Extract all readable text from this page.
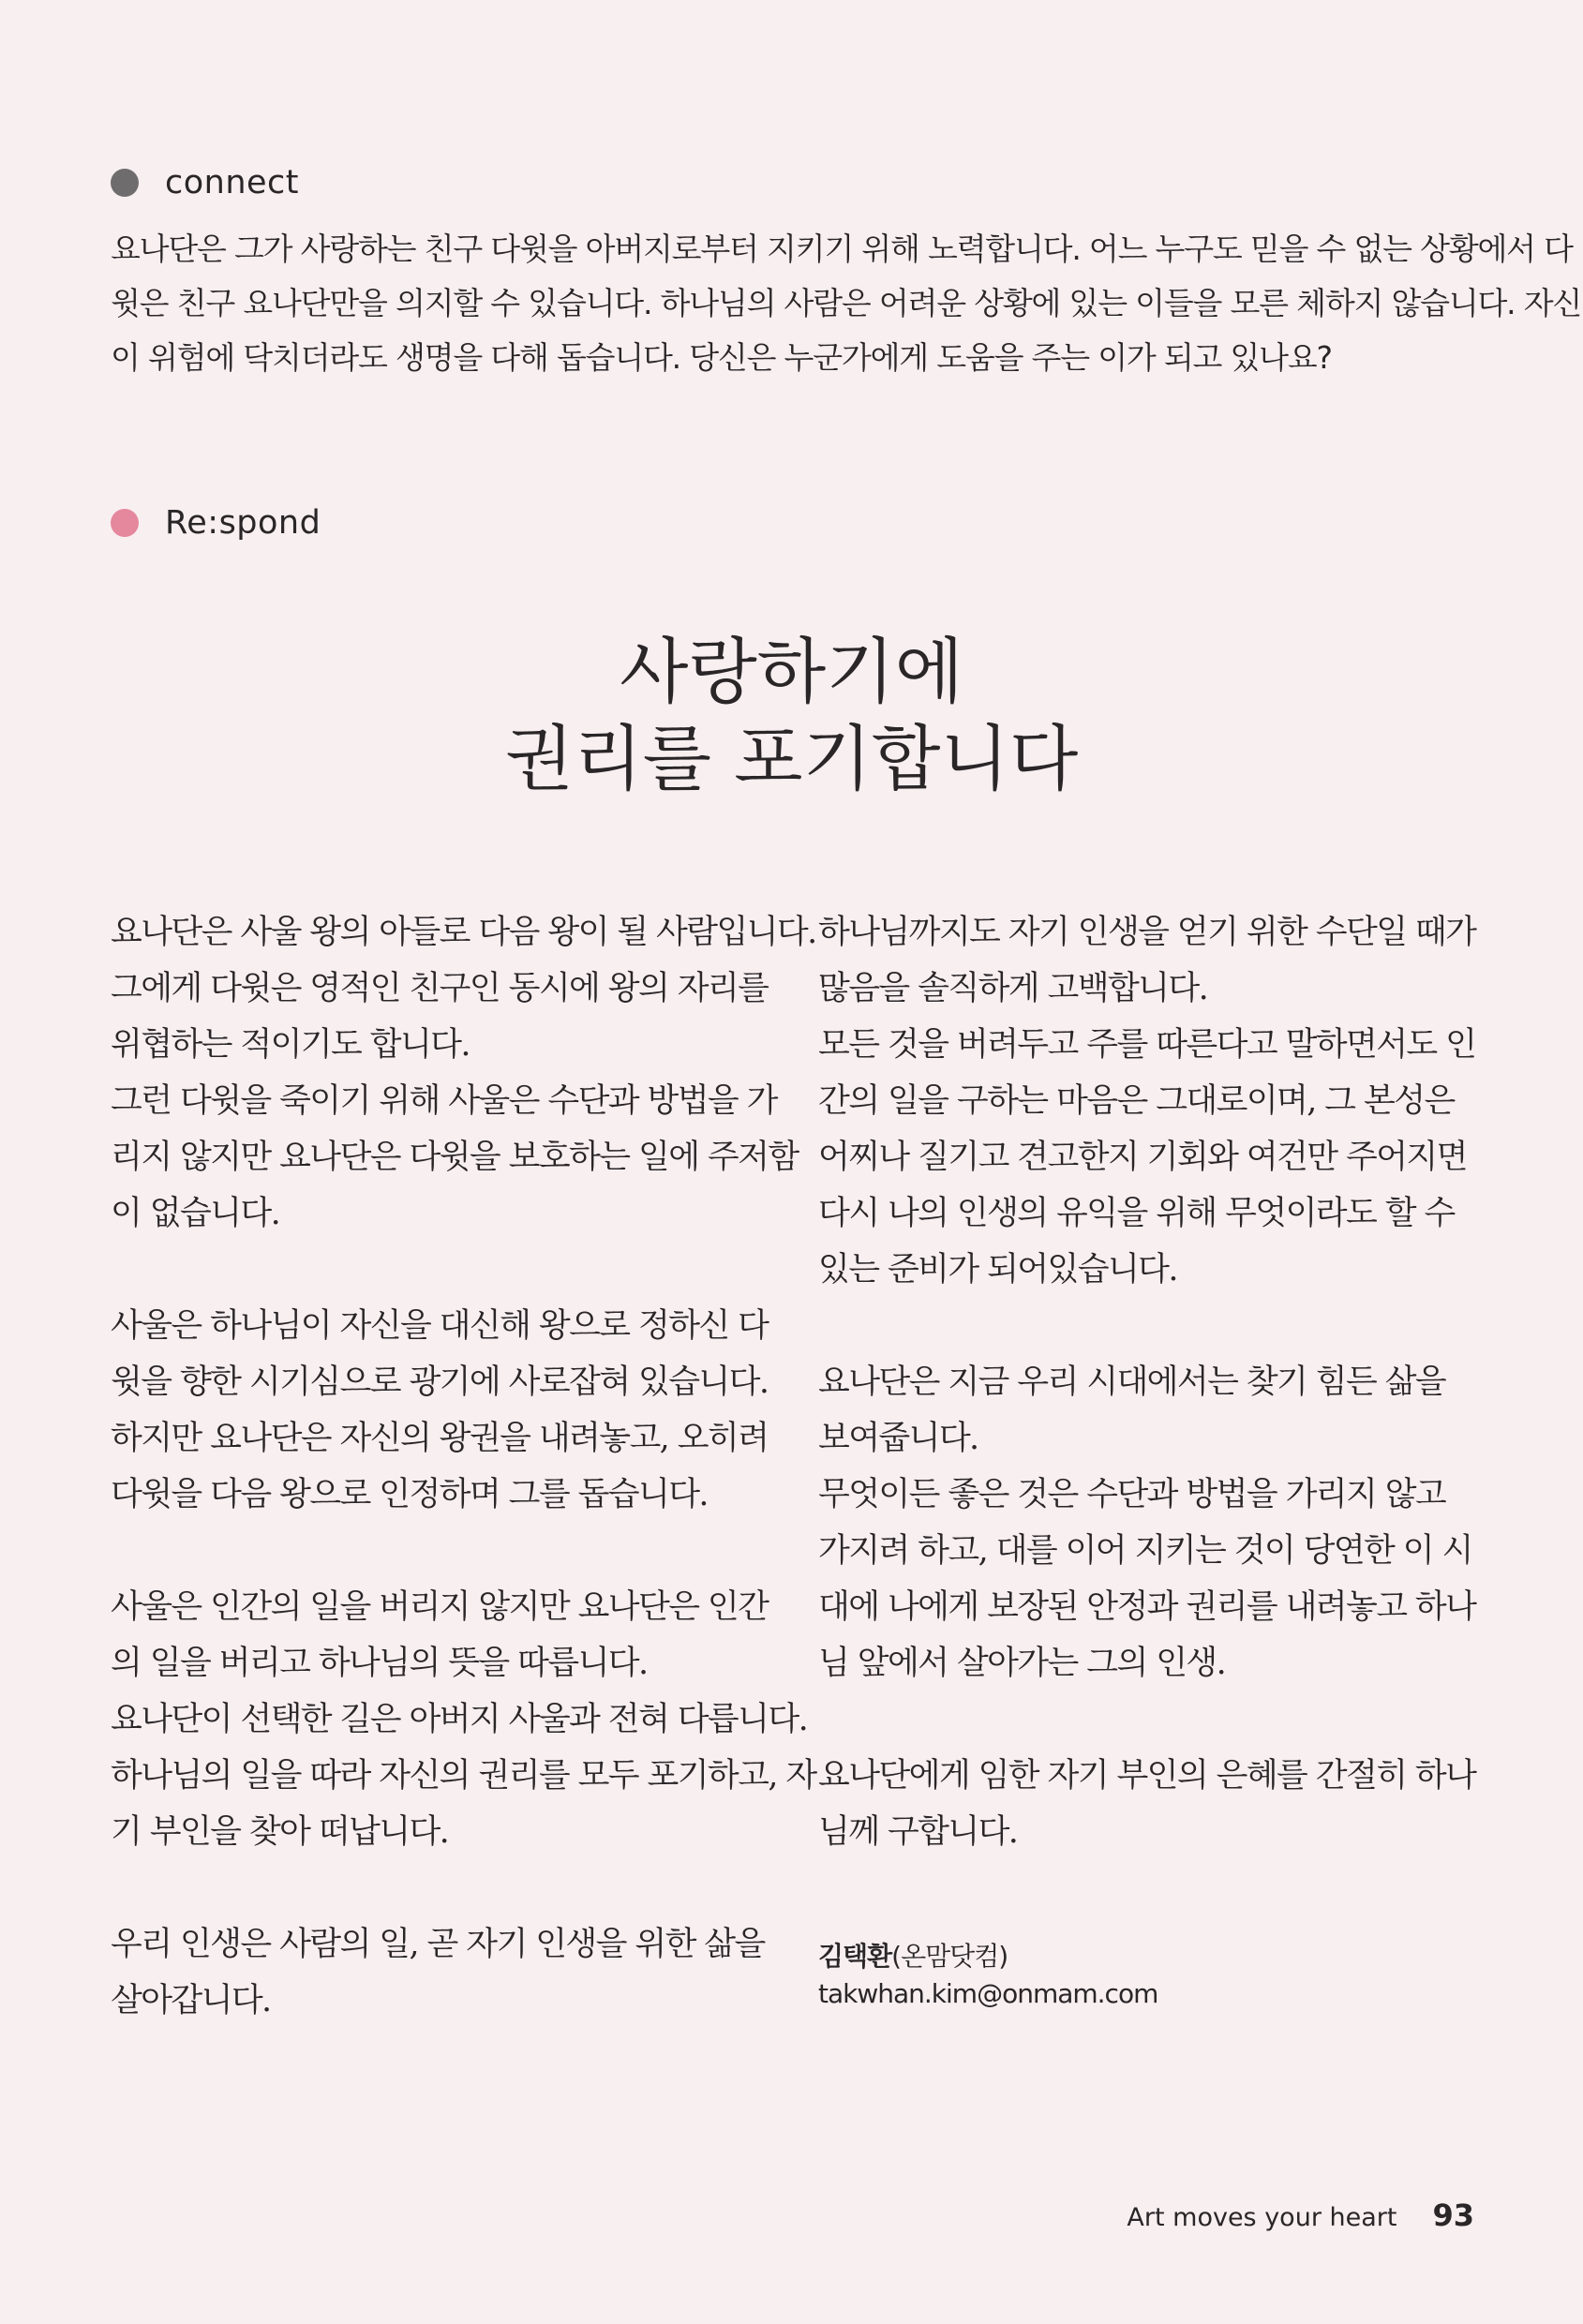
connect

요나단은 그가 사랑하는 친구 다윗을 아버지로부터 지키기 위해 노력합니다. 어느 누구도 믿을 수 없는 상황에서 다

윗은 친구 요나단만을 의지할 수 있습니다. 하나님의 사람은 어려운 상황에 있는 이들을 모른 체하지 않습니다. 자신

이 위험에 닥치더라도 생명을 다해 돕습니다. 당신은 누군가에게 도움을 주는 이가 되고 있나요?

Re:spond
사랑하기에
권리를 포기합니다

요나단은 사울 왕의 아들로 다음 왕이 될 사람입니다.

그에게 다윗은 영적인 친구인 동시에 왕의 자리를

위협하는 적이기도 합니다.

그런 다윗을 죽이기 위해 사울은 수단과 방법을 가

리지 않지만 요나단은 다윗을 보호하는 일에 주저함

이 없습니다.

사울은 하나님이 자신을 대신해 왕으로 정하신 다

윗을 향한 시기심으로 광기에 사로잡혀 있습니다.

하지만 요나단은 자신의 왕권을 내려놓고, 오히려

다윗을 다음 왕으로 인정하며 그를 돕습니다.

사울은 인간의 일을 버리지 않지만 요나단은 인간

의 일을 버리고 하나님의 뜻을 따릅니다.

요나단이 선택한 길은 아버지 사울과 전혀 다릅니다.

하나님의 일을 따라 자신의 권리를 모두 포기하고, 자

기 부인을 찾아 떠납니다.

우리 인생은 사람의 일, 곧 자기 인생을 위한 삶을

살아갑니다.

하나님까지도 자기 인생을 얻기 위한 수단일 때가

많음을 솔직하게 고백합니다.

모든 것을 버려두고 주를 따른다고 말하면서도 인

간의 일을 구하는 마음은 그대로이며, 그 본성은

어찌나 질기고 견고한지 기회와 여건만 주어지면

다시 나의 인생의 유익을 위해 무엇이라도 할 수

있는 준비가 되어있습니다.

요나단은 지금 우리 시대에서는 찾기 힘든 삶을

보여줍니다.

무엇이든 좋은 것은 수단과 방법을 가리지 않고

가지려 하고, 대를 이어 지키는 것이 당연한 이 시

대에 나에게 보장된 안정과 권리를 내려놓고 하나

님 앞에서 살아가는 그의 인생.

요나단에게 임한 자기 부인의 은혜를 간절히 하나

님께 구합니다.

김택환(온맘닷컴)
takwhan.kim@onmam.com
Art moves your heart 93
